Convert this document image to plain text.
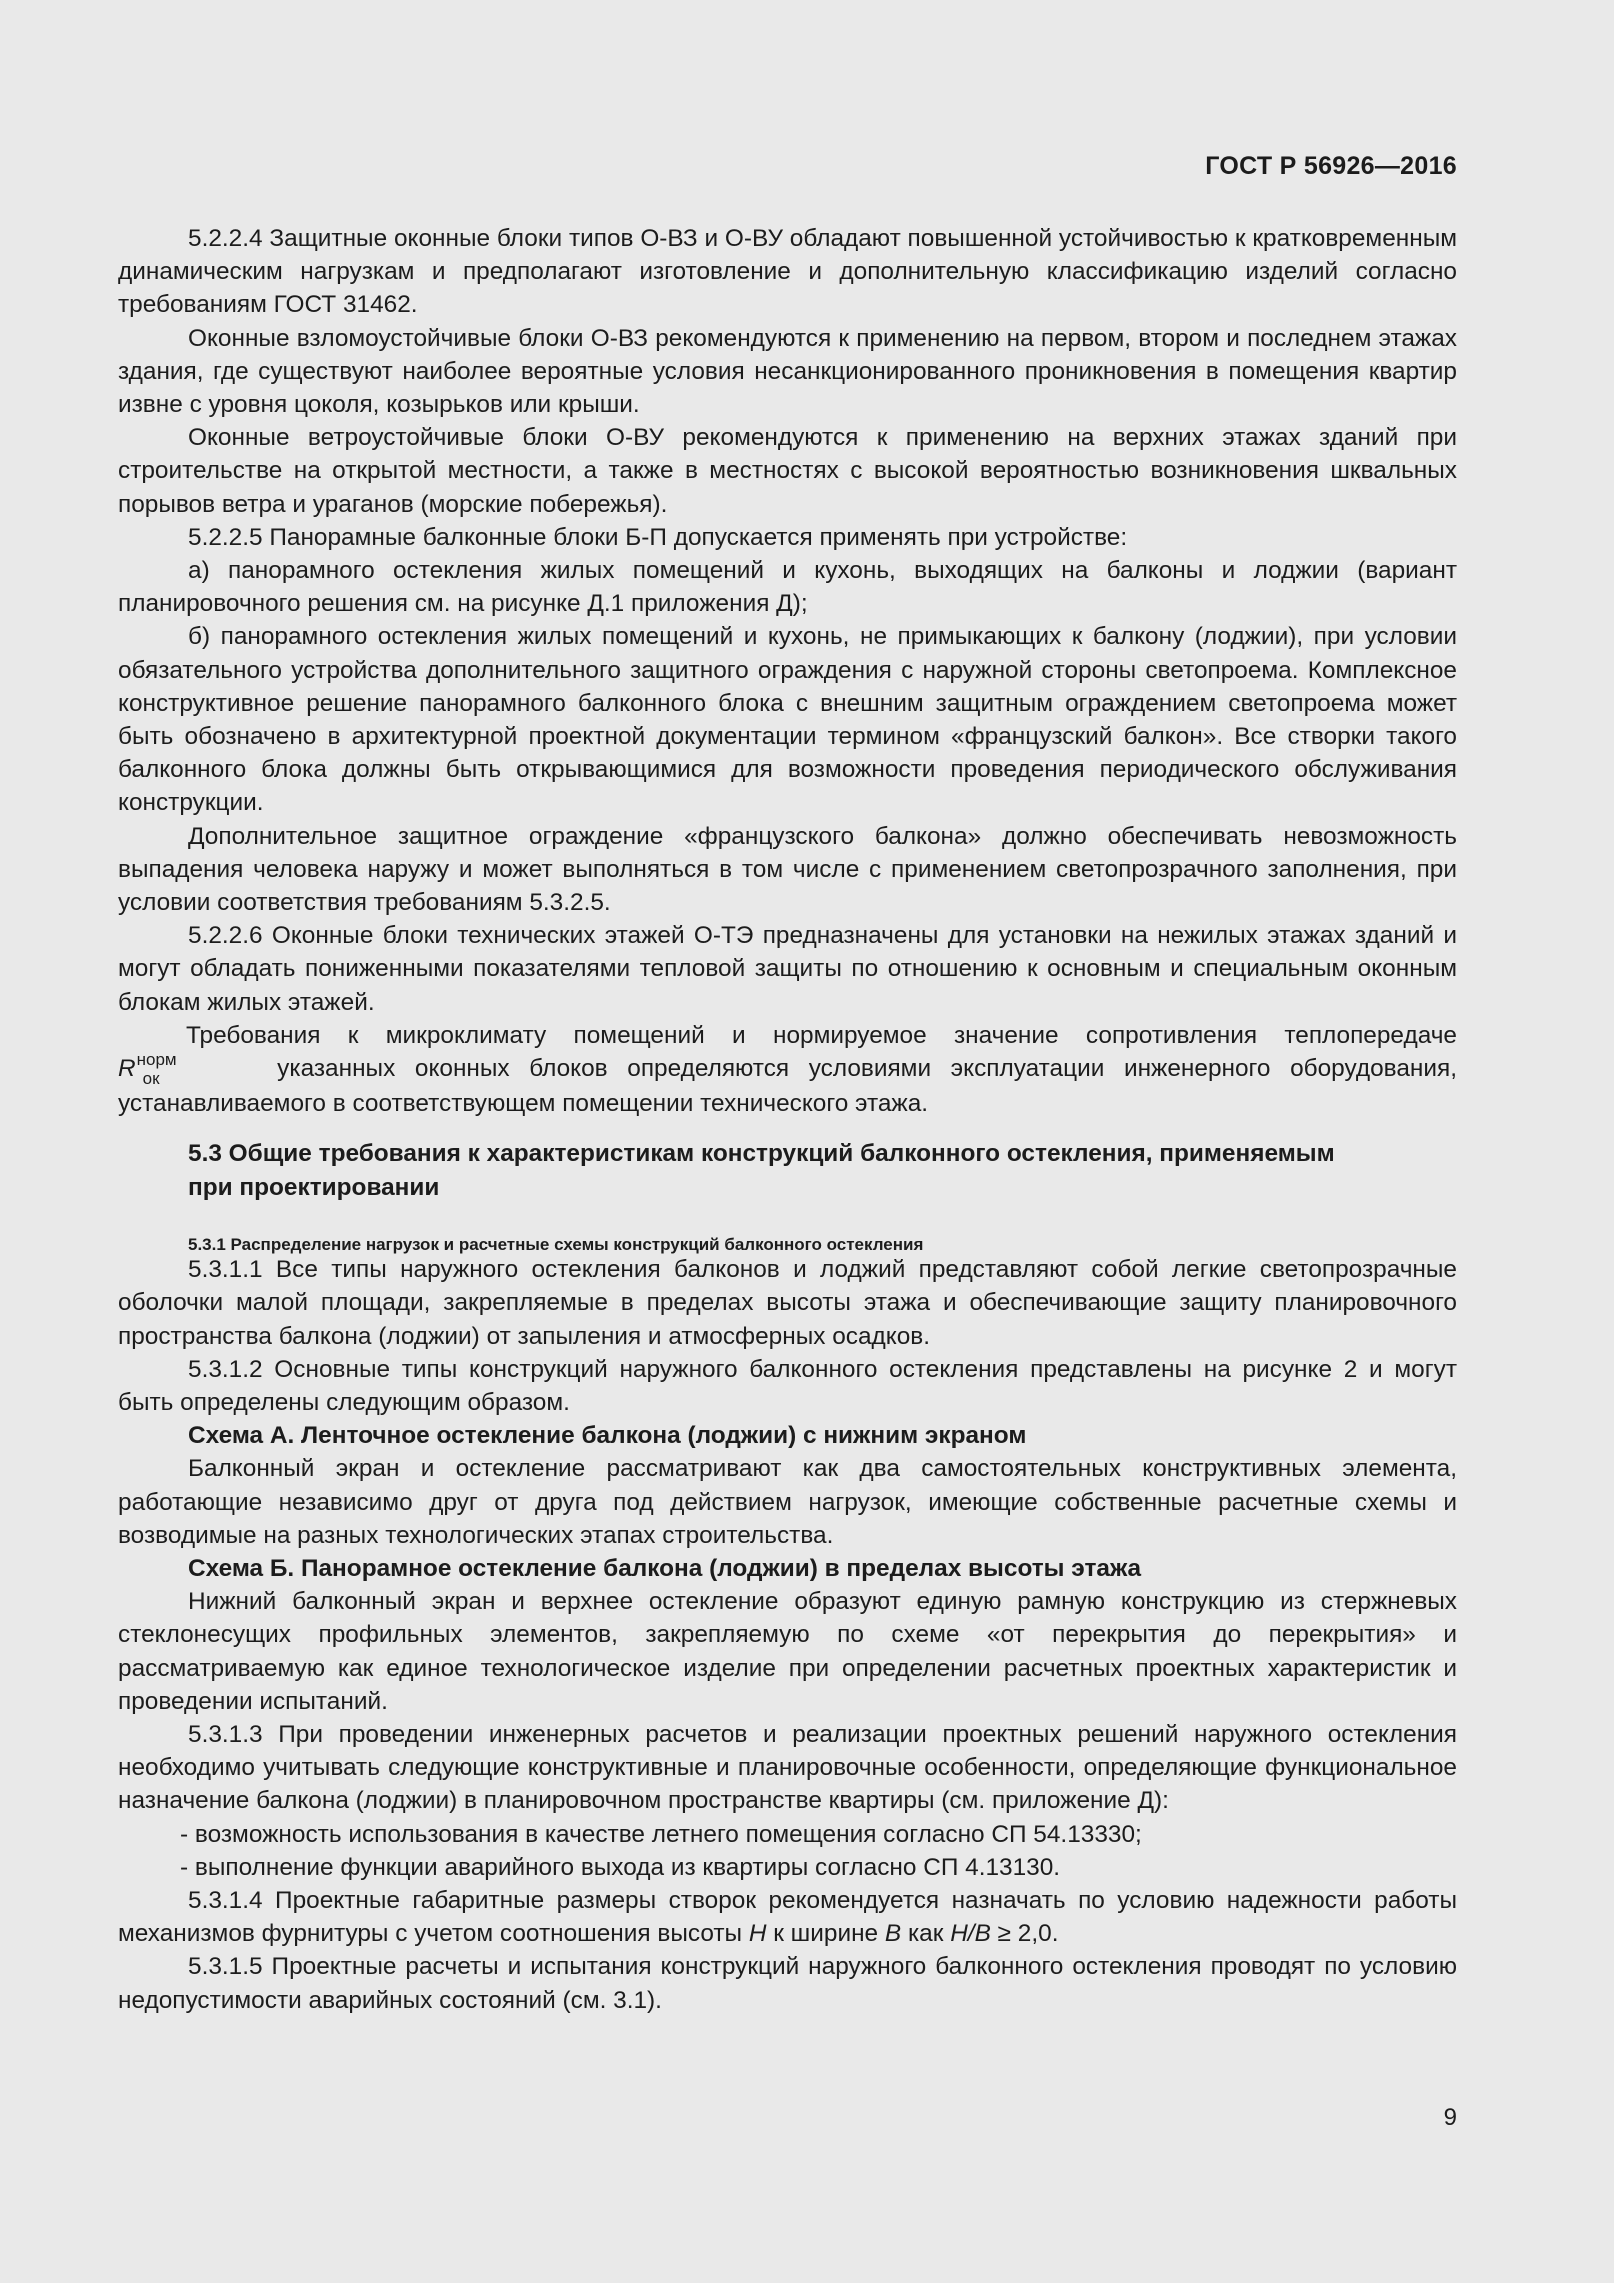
ГОСТ Р 56926—2016

5.2.2.4 Защитные оконные блоки типов О-ВЗ и О-ВУ обладают повышенной устойчивостью к кратковременным динамическим нагрузкам и предполагают изготовление и дополнительную классификацию изделий согласно требованиям ГОСТ 31462.

Оконные взломоустойчивые блоки О-ВЗ рекомендуются к применению на первом, втором и последнем этажах здания, где существуют наиболее вероятные условия несанкционированного проникновения в помещения квартир извне с уровня цоколя, козырьков или крыши.

Оконные ветроустойчивые блоки О-ВУ рекомендуются к применению на верхних этажах зданий при строительстве на открытой местности, а также в местностях с высокой вероятностью возникновения шквальных порывов ветра и ураганов (морские побережья).

5.2.2.5 Панорамные балконные блоки Б-П допускается применять при устройстве:

а) панорамного остекления жилых помещений и кухонь, выходящих на балконы и лоджии (вариант планировочного решения см. на рисунке Д.1 приложения Д);

б) панорамного остекления жилых помещений и кухонь, не примыкающих к балкону (лоджии), при условии обязательного устройства дополнительного защитного ограждения с наружной стороны светопроема. Комплексное конструктивное решение панорамного балконного блока с внешним защитным ограждением светопроема может быть обозначено в архитектурной проектной документации термином «французский балкон». Все створки такого балконного блока должны быть открывающимися для возможности проведения периодического обслуживания конструкции.

Дополнительное защитное ограждение «французского балкона» должно обеспечивать невозможность выпадения человека наружу и может выполняться в том числе с применением светопрозрачного заполнения, при условии соответствия требованиям 5.3.2.5.

5.2.2.6 Оконные блоки технических этажей О-ТЭ предназначены для установки на нежилых этажах зданий и могут обладать пониженными показателями тепловой защиты по отношению к основным и специальным оконным блокам жилых этажей.

Требования к микроклимату помещений и нормируемое значение сопротивления теплопередаче $R^{норм}_{ок}$	указанных оконных блоков определяются условиями эксплуатации инженерного оборудования, устанавливаемого в соответствующем помещении технического этажа.

5.3 Общие требования к характеристикам конструкций балконного остекления, применяемым при проектировании

5.3.1 Распределение нагрузок и расчетные схемы конструкций балконного остекления

5.3.1.1 Все типы наружного остекления балконов и лоджий представляют собой легкие светопрозрачные оболочки малой площади, закрепляемые в пределах высоты этажа и обеспечивающие защиту планировочного пространства балкона (лоджии) от запыления и атмосферных осадков.

5.3.1.2 Основные типы конструкций наружного балконного остекления представлены на рисунке 2 и могут быть определены следующим образом.

Схема А. Ленточное остекление балкона (лоджии) с нижним экраном

Балконный экран и остекление рассматривают как два самостоятельных конструктивных элемента, работающие независимо друг от друга под действием нагрузок, имеющие собственные расчетные схемы и возводимые на разных технологических этапах строительства.

Схема Б. Панорамное остекление балкона (лоджии) в пределах высоты этажа

Нижний балконный экран и верхнее остекление образуют единую рамную конструкцию из стержневых стеклонесущих профильных элементов, закрепляемую по схеме «от перекрытия до перекрытия» и рассматриваемую как единое технологическое изделие при определении расчетных проектных характеристик и проведении испытаний.

5.3.1.3 При проведении инженерных расчетов и реализации проектных решений наружного остекления необходимо учитывать следующие конструктивные и планировочные особенности, определяющие функциональное назначение балкона (лоджии) в планировочном пространстве квартиры (см. приложение Д):

- возможность использования в качестве летнего помещения согласно СП 54.13330;

- выполнение функции аварийного выхода из квартиры согласно СП 4.13130.

5.3.1.4 Проектные габаритные размеры створок рекомендуется назначать по условию надежности работы механизмов фурнитуры с учетом соотношения высоты H к ширине B как H/B ≥ 2,0.

5.3.1.5 Проектные расчеты и испытания конструкций наружного балконного остекления проводят по условию недопустимости аварийных состояний (см. 3.1).

9
